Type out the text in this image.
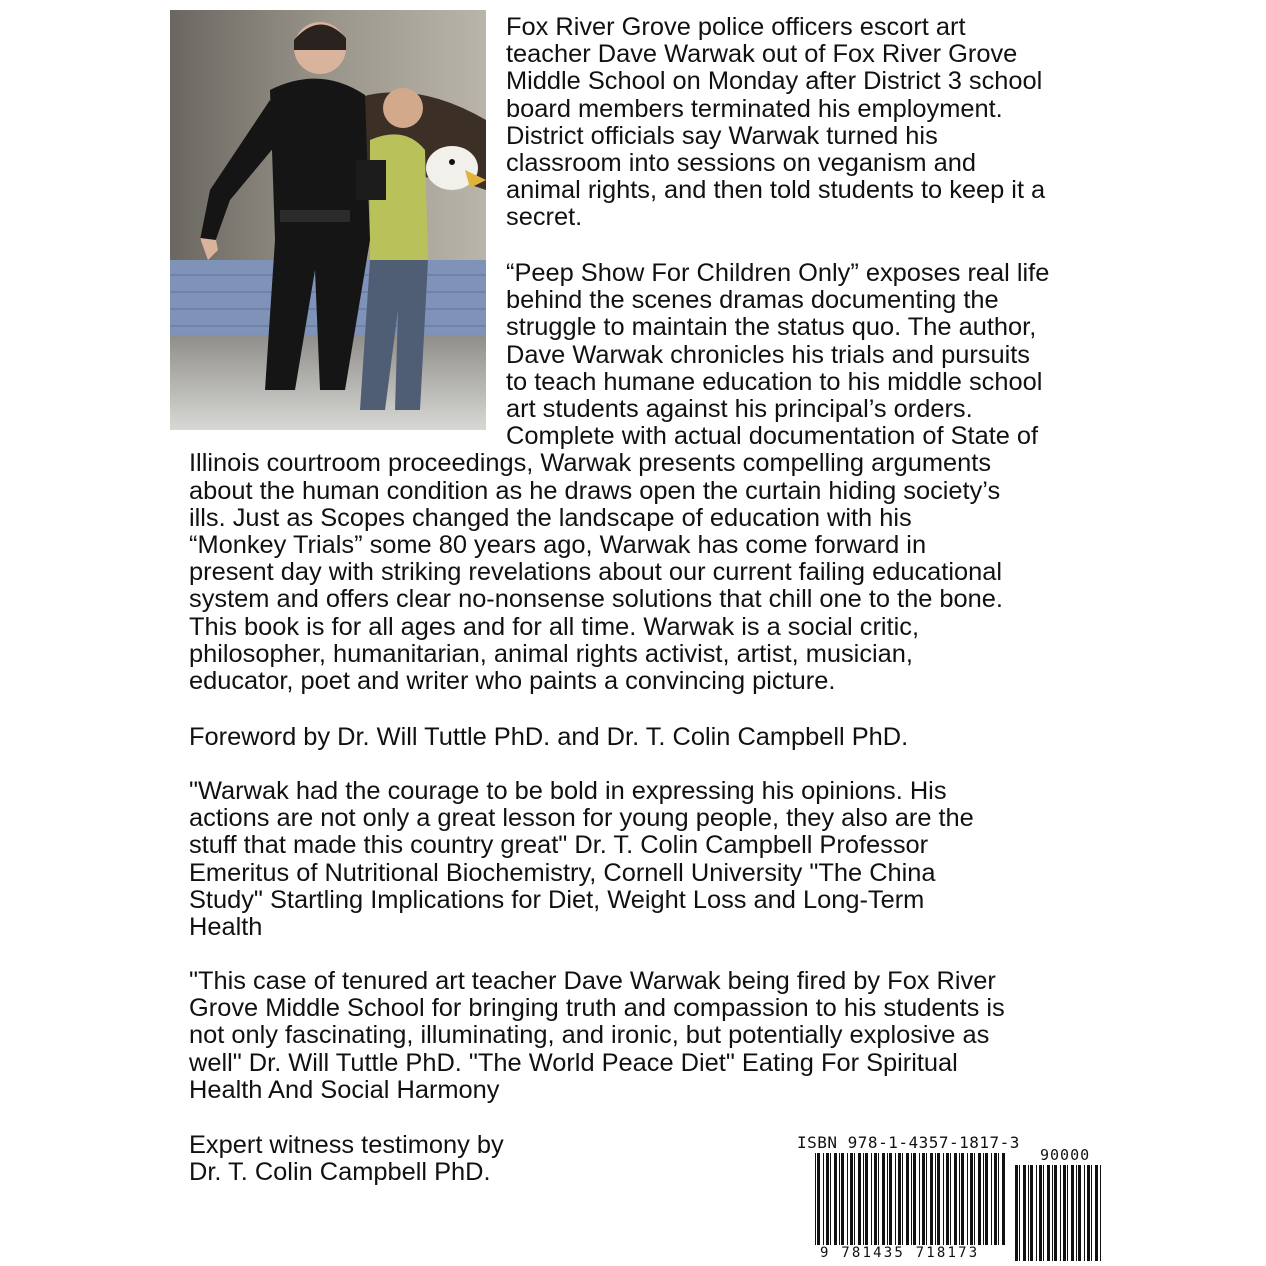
Fox River Grove police officers escort art
teacher Dave Warwak out of Fox River Grove
Middle School on Monday after District 3 school
board members terminated his employment.
District officials say Warwak turned his
classroom into sessions on veganism and
animal rights, and then told students to keep it a
secret.

“Peep Show For Children Only” exposes real life
behind the scenes dramas documenting the
struggle to maintain the status quo. The author,
Dave Warwak chronicles his trials and pursuits
to teach humane education to his middle school
art students against his principal’s orders.
Complete with actual documentation of State of
Illinois courtroom proceedings, Warwak presents compelling arguments
about the human condition as he draws open the curtain hiding society’s
ills. Just as Scopes changed the landscape of education with his
“Monkey Trials” some 80 years ago, Warwak has come forward in
present day with striking revelations about our current failing educational
system and offers clear no-nonsense solutions that chill one to the bone.
This book is for all ages and for all time. Warwak is a social critic,
philosopher, humanitarian, animal rights activist, artist, musician,
educator, poet and writer who paints a convincing picture.

Foreword by Dr. Will Tuttle PhD. and Dr. T. Colin Campbell PhD.

"Warwak had the courage to be bold in expressing his opinions. His
actions are not only a great lesson for young people, they also are the
stuff that made this country great" Dr. T. Colin Campbell Professor
Emeritus of Nutritional Biochemistry, Cornell University "The China
Study" Startling Implications for Diet, Weight Loss and Long-Term
Health

"This case of tenured art teacher Dave Warwak being fired by Fox River
Grove Middle School for bringing truth and compassion to his students is
not only fascinating, illuminating, and ironic, but potentially explosive as
well" Dr. Will Tuttle PhD. "The World Peace Diet" Eating For Spiritual
Health And Social Harmony

Expert witness testimony by
Dr. T. Colin Campbell PhD.

ISBN 978-1-4357-1817-3
90000
9 781435 718173
